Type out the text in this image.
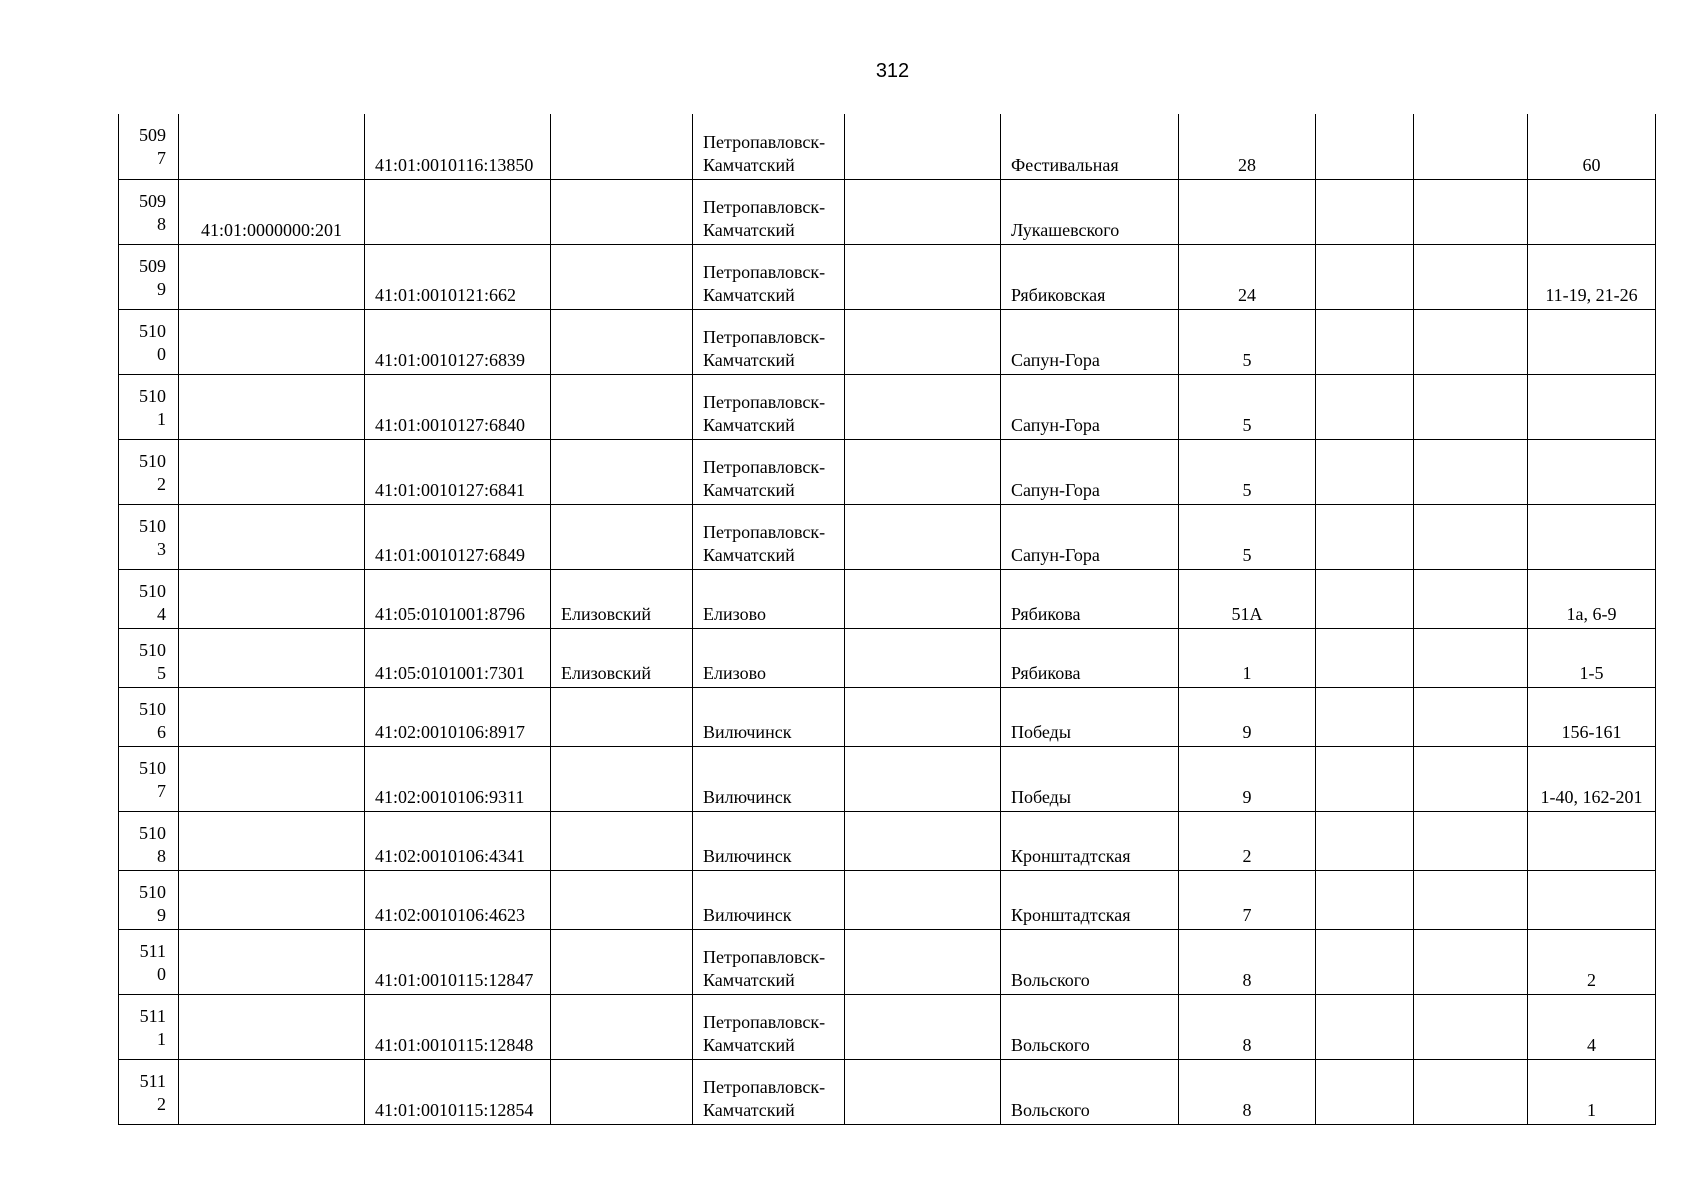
312
5097		41:01:0010116:13850		Петропавловск-Камчатский		Фестивальная	28			60

5098	41:01:0000000:201			Петропавловск-Камчатский		Лукашевского				

5099		41:01:0010121:662		Петропавловск-Камчатский		Рябиковская	24			11-19, 21-26

5100		41:01:0010127:6839		Петропавловск-Камчатский		Сапун-Гора	5			

5101		41:01:0010127:6840		Петропавловск-Камчатский		Сапун-Гора	5			

5102		41:01:0010127:6841		Петропавловск-Камчатский		Сапун-Гора	5			

5103		41:01:0010127:6849		Петропавловск-Камчатский		Сапун-Гора	5			

5104		41:05:0101001:8796	Елизовский	Елизово		Рябикова	51А			1а, 6-9

5105		41:05:0101001:7301	Елизовский	Елизово		Рябикова	1			1-5

5106		41:02:0010106:8917		Вилючинск		Победы	9			156-161

5107		41:02:0010106:9311		Вилючинск		Победы	9			1-40, 162-201

5108		41:02:0010106:4341		Вилючинск		Кронштадтская	2			

5109		41:02:0010106:4623		Вилючинск		Кронштадтская	7			

5110		41:01:0010115:12847		Петропавловск-Камчатский		Вольского	8			2

5111		41:01:0010115:12848		Петропавловск-Камчатский		Вольского	8			4

5112		41:01:0010115:12854		Петропавловск-Камчатский		Вольского	8			1
